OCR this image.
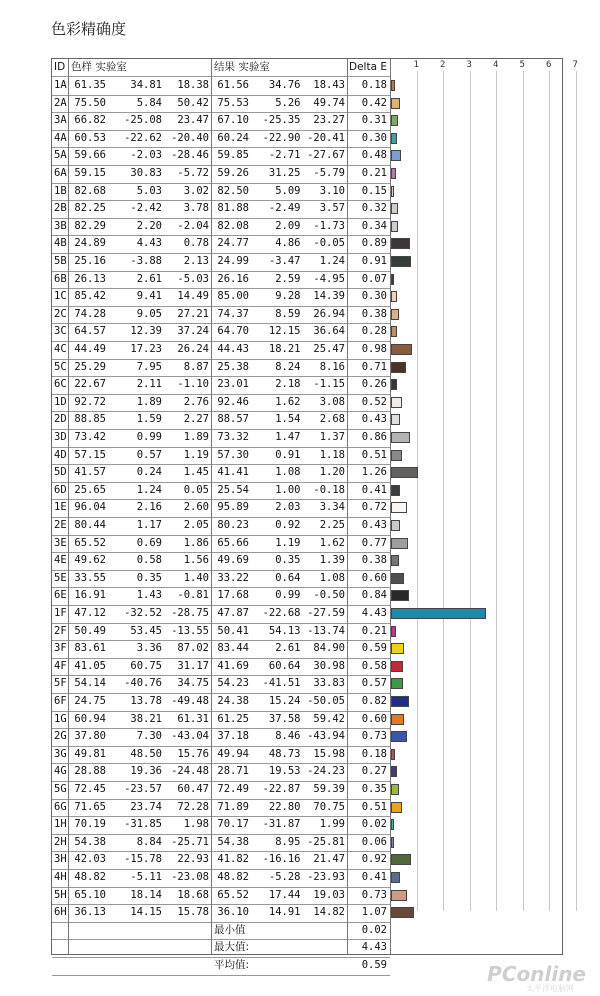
色彩精确度
ID 色样 实验室	结果 实验室	Delta E	1 2 3 4 5 6 7
1A 61.35	34.81	18.38 61.56	34.76	18.43	0.18
2A 75.50	5.84	50.42 75.53	5.26	49.74	0.42
3A 66.82	-25.08	23.47 67.10	-25.35	23.27	0.31
4A 60.53	-22.62 -20.40 60.24	-22.90 -20.41	0.30
5A 59.66	-2.03 -28.46 59.85	-2.71 -27.67	0.48
6A 59.15	30.83	-5.72 59.26	31.25	-5.79	0.21
1B 82.68	5.03	3.02 82.50	5.09	3.10	0.15
2B 82.25	-2.42	3.78 81.88	-2.49	3.57	0.32
3B 82.29	2.20	-2.04 82.08	2.09	-1.73	0.34
4B 24.89	4.43	0.78 24.77	4.86	-0.05	0.89
5B 25.16	-3.88	2.13 24.99	-3.47	1.24	0.91
6B 26.13	2.61	-5.03 26.16	2.59	-4.95	0.07
1C 85.42	9.41	14.49 85.00	9.28	14.39	0.30
2C 74.28	9.05	27.21 74.37	8.59	26.94	0.38
3C 64.57	12.39	37.24 64.70	12.15	36.64	0.28
4C 44.49	17.23	26.24 44.43	18.21	25.47	0.98
5C 25.29	7.95	8.87 25.38	8.24	8.16	0.71
6C 22.67	2.11	-1.10 23.01	2.18	-1.15	0.26
1D 92.72	1.89	2.76 92.46	1.62	3.08	0.52
2D 88.85	1.59	2.27 88.57	1.54	2.68	0.43
3D 73.42	0.99	1.89 73.32	1.47	1.37	0.86
4D 57.15	0.57	1.19 57.30	0.91	1.18	0.51
5D 41.57	0.24	1.45 41.41	1.08	1.20	1.26
6D 25.65	1.24	0.05 25.54	1.00	-0.18	0.41
1E 96.04	2.16	2.60 95.89	2.03	3.34	0.72
2E 80.44	1.17	2.05 80.23	0.92	2.25	0.43
3E 65.52	0.69	1.86 65.66	1.19	1.62	0.77
4E 49.62	0.58	1.56 49.69	0.35	1.39	0.38
5E 33.55	0.35	1.40 33.22	0.64	1.08	0.60
6E 16.91	1.43	-0.81 17.68	0.99	-0.50	0.84
1F 47.12	-32.52 -28.75 47.87	-22.68 -27.59	4.43
2F 50.49	53.45 -13.55 50.41	54.13 -13.74	0.21
3F 83.61	3.36	87.02 83.44	2.61	84.90	0.59
4F 41.05	60.75	31.17 41.69	60.64	30.98	0.58
5F 54.14	-40.76	34.75 54.23	-41.51	33.83	0.57
6F 24.75	13.78 -49.48 24.38	15.24 -50.05	0.82
1G 60.94	38.21	61.31 61.25	37.58	59.42	0.60
2G 37.80	7.30 -43.04 37.18	8.46 -43.94	0.73
3G 49.81	48.50	15.76 49.94	48.73	15.98	0.18
4G 28.88	19.36 -24.48 28.71	19.53 -24.23	0.27
5G 72.45	-23.57	60.47 72.49	-22.87	59.39	0.35
6G 71.65	23.74	72.28 71.89	22.80	70.75	0.51
1H 70.19	-31.85	1.98 70.17	-31.87	1.99	0.02
2H 54.38	8.84 -25.71 54.38	8.95 -25.81	0.06
3H 42.03	-15.78	22.93 41.82	-16.16	21.47	0.92
4H 48.82	-5.11 -23.08 48.82	-5.28 -23.93	0.41
5H 65.10	18.14	18.68 65.52	17.44	19.03	0.73
6H 36.13	14.15	15.78 36.10	14.91	14.82	1.07
最小值	0.02
最大值:	4.43
平均值:	0.59	PConline
太平洋电脑网
